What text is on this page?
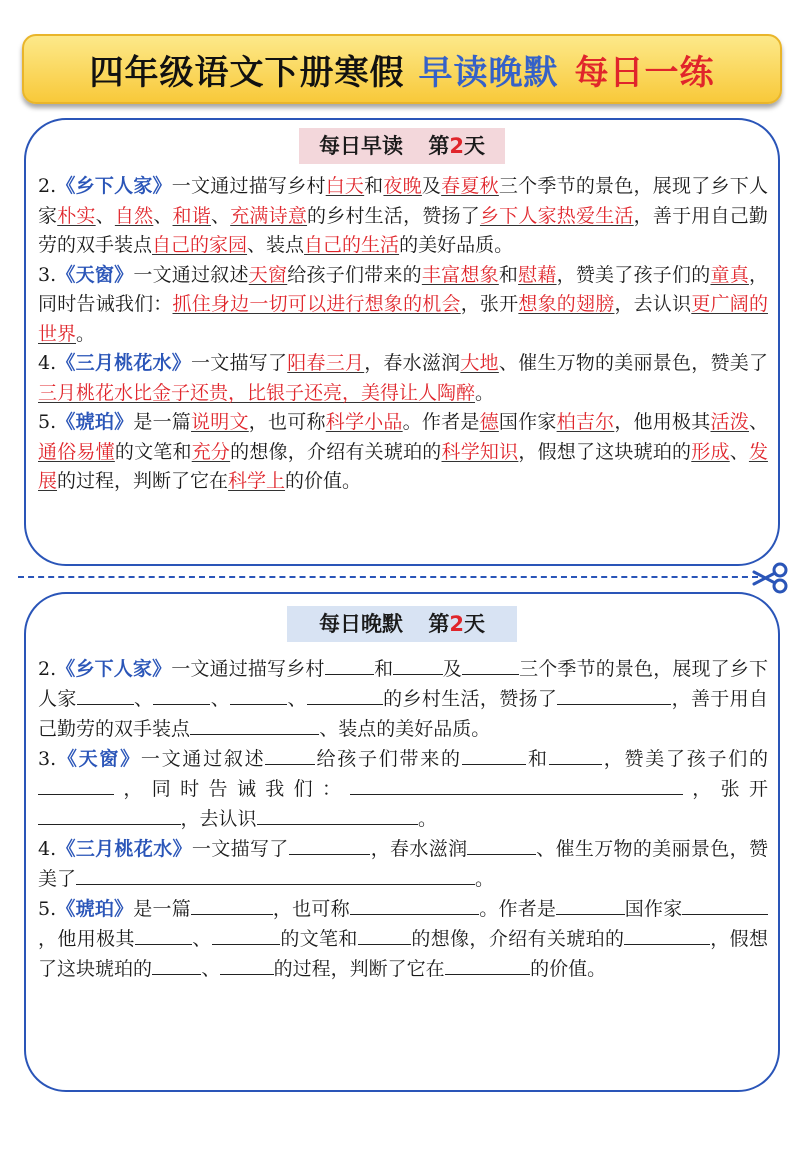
四年级语文下册寒假 早读晚默 每日一练
每日早读 第2天

2.《乡下人家》一文通过描写乡村白天和夜晚及春夏秋三个季节的景色，展现了乡下人家朴实、自然、和谐、充满诗意的乡村生活，赞扬了乡下人家热爱生活，善于用自己勤劳的双手装点自己的家园、装点自己的生活的美好品质。

3.《天窗》一文通过叙述天窗给孩子们带来的丰富想象和慰藉，赞美了孩子们的童真，同时告诫我们：抓住身边一切可以进行想象的机会，张开想象的翅膀，去认识更广阔的世界。

4.《三月桃花水》一文描写了阳春三月，春水滋润大地、催生万物的美丽景色，赞美了三月桃花水比金子还贵，比银子还亮，美得让人陶醉。

5.《琥珀》是一篇说明文，也可称科学小品。作者是德国作家柏吉尔，他用极其活泼、通俗易懂的文笔和充分的想像，介绍有关琥珀的科学知识，假想了这块琥珀的形成、发展的过程，判断了它在科学上的价值。

每日晚默 第2天

2.《乡下人家》一文通过描写乡村	和	及	三个季节的景色，展现了乡下人家	、	、	、	的乡村生活，赞扬了	，善于用自己勤劳的双手装点	、装点的美好品质。

3.《天窗》一文通过叙述	给孩子们带来的	和	，赞美了孩子们的，同时告诫我们：	，张开，去认识	。

4.《三月桃花水》一文描写了	，春水滋润	、催生万物的美丽景色，赞美了	。

5.《琥珀》是一篇	，也可称	。作者是	国作家，他用极其	、	的文笔和	的想像，介绍有关琥珀的	，假想了这块琥珀的	、	的过程，判断了它在	的价值。
